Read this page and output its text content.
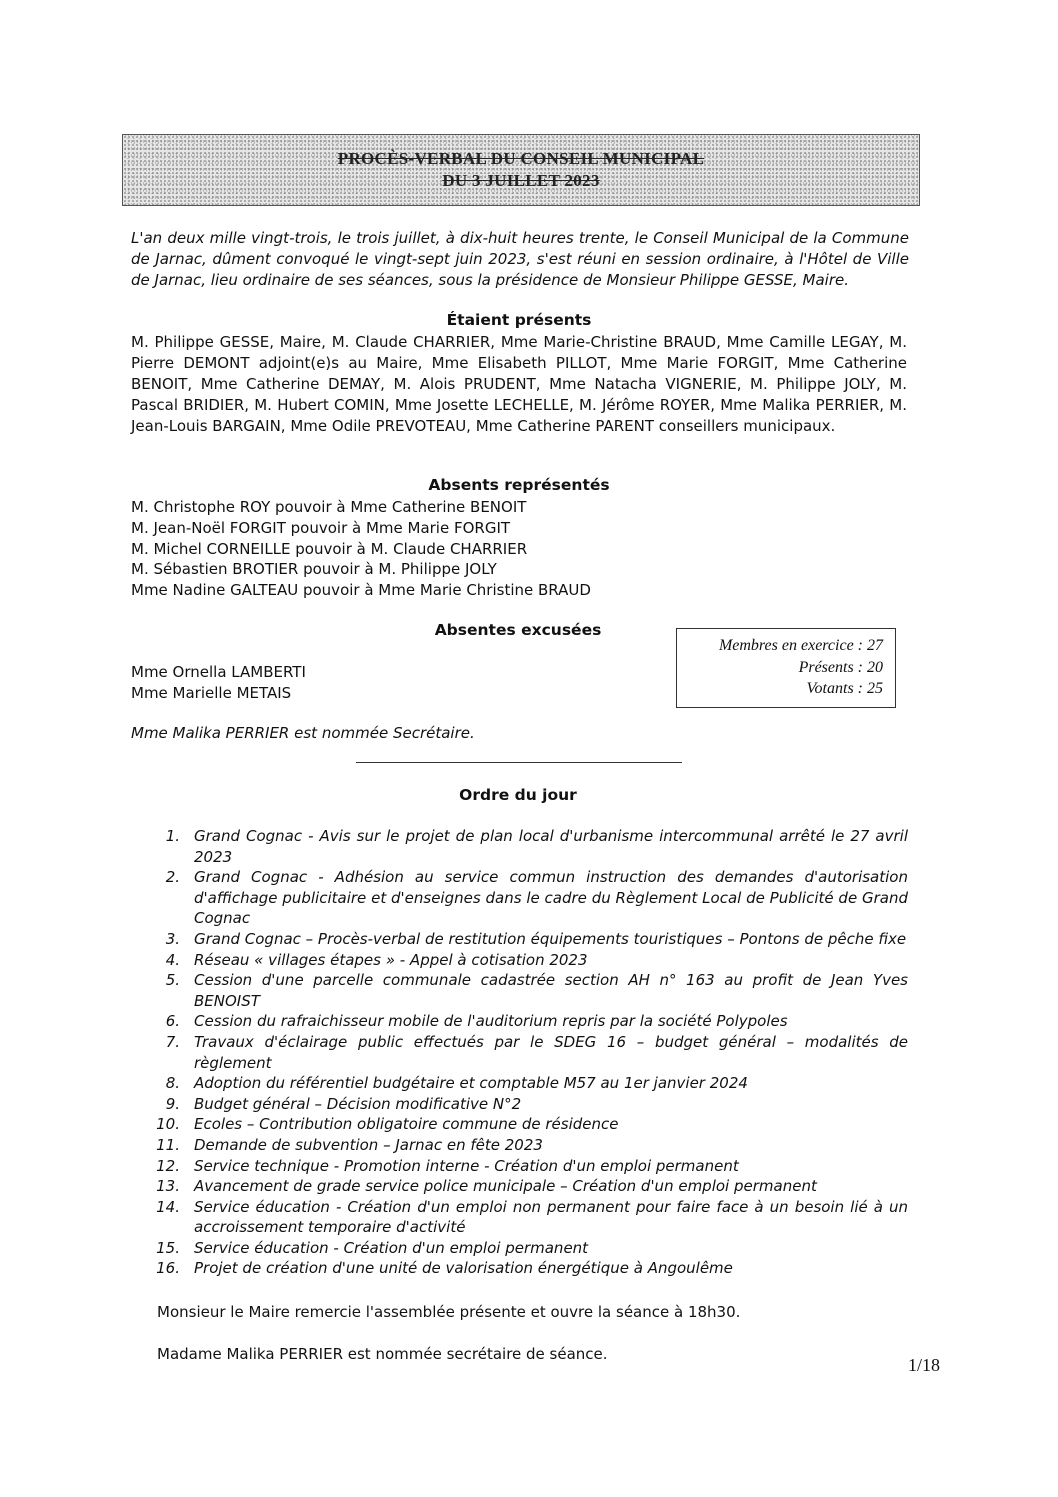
PROCÈS-VERBAL DU CONSEIL MUNICIPAL
DU 3 JUILLET 2023
L'an deux mille vingt-trois, le trois juillet, à dix-huit heures trente, le Conseil Municipal de la Commune de Jarnac, dûment convoqué le vingt-sept juin 2023, s'est réuni en session ordinaire, à l'Hôtel de Ville de Jarnac, lieu ordinaire de ses séances, sous la présidence de Monsieur Philippe GESSE, Maire.
Étaient présents
M. Philippe GESSE, Maire, M. Claude CHARRIER, Mme Marie-Christine BRAUD, Mme Camille LEGAY, M. Pierre DEMONT adjoint(e)s au Maire, Mme Elisabeth PILLOT, Mme Marie FORGIT, Mme Catherine BENOIT, Mme Catherine DEMAY, M. Alois PRUDENT, Mme Natacha VIGNERIE, M. Philippe JOLY, M. Pascal BRIDIER, M. Hubert COMIN, Mme Josette LECHELLE, M. Jérôme ROYER, Mme Malika PERRIER, M. Jean-Louis BARGAIN, Mme Odile PREVOTEAU, Mme Catherine PARENT conseillers municipaux.
Absents représentés
M. Christophe ROY pouvoir à Mme Catherine BENOIT
M. Jean-Noël FORGIT pouvoir à Mme Marie FORGIT
M. Michel CORNEILLE pouvoir à M. Claude CHARRIER
M. Sébastien BROTIER pouvoir à M. Philippe JOLY
Mme Nadine GALTEAU pouvoir à Mme Marie Christine BRAUD
Absentes excusées
Mme Ornella LAMBERTI
Mme Marielle METAIS
Membres en exercice : 27
Présents : 20
Votants : 25
Mme Malika PERRIER est nommée Secrétaire.
Ordre du jour
1. Grand Cognac - Avis sur le projet de plan local d'urbanisme intercommunal arrêté le 27 avril 2023
2. Grand Cognac - Adhésion au service commun instruction des demandes d'autorisation d'affichage publicitaire et d'enseignes dans le cadre du Règlement Local de Publicité de Grand Cognac
3. Grand Cognac – Procès-verbal de restitution équipements touristiques – Pontons de pêche fixe
4. Réseau « villages étapes » - Appel à cotisation 2023
5. Cession d'une parcelle communale cadastrée section AH n° 163 au profit de Jean Yves BENOIST
6. Cession du rafraichisseur mobile de l'auditorium repris par la société Polypoles
7. Travaux d'éclairage public effectués par le SDEG 16 – budget général – modalités de règlement
8. Adoption du référentiel budgétaire et comptable M57 au 1er janvier 2024
9. Budget général – Décision modificative N°2
10. Ecoles – Contribution obligatoire commune de résidence
11. Demande de subvention – Jarnac en fête 2023
12. Service technique - Promotion interne - Création d'un emploi permanent
13. Avancement de grade service police municipale – Création d'un emploi permanent
14. Service éducation - Création d'un emploi non permanent pour faire face à un besoin lié à un accroissement temporaire d'activité
15. Service éducation - Création d'un emploi permanent
16. Projet de création d'une unité de valorisation énergétique à Angoulême
Monsieur le Maire remercie l'assemblée présente et ouvre la séance à 18h30.
Madame Malika PERRIER est nommée secrétaire de séance.
1/18
